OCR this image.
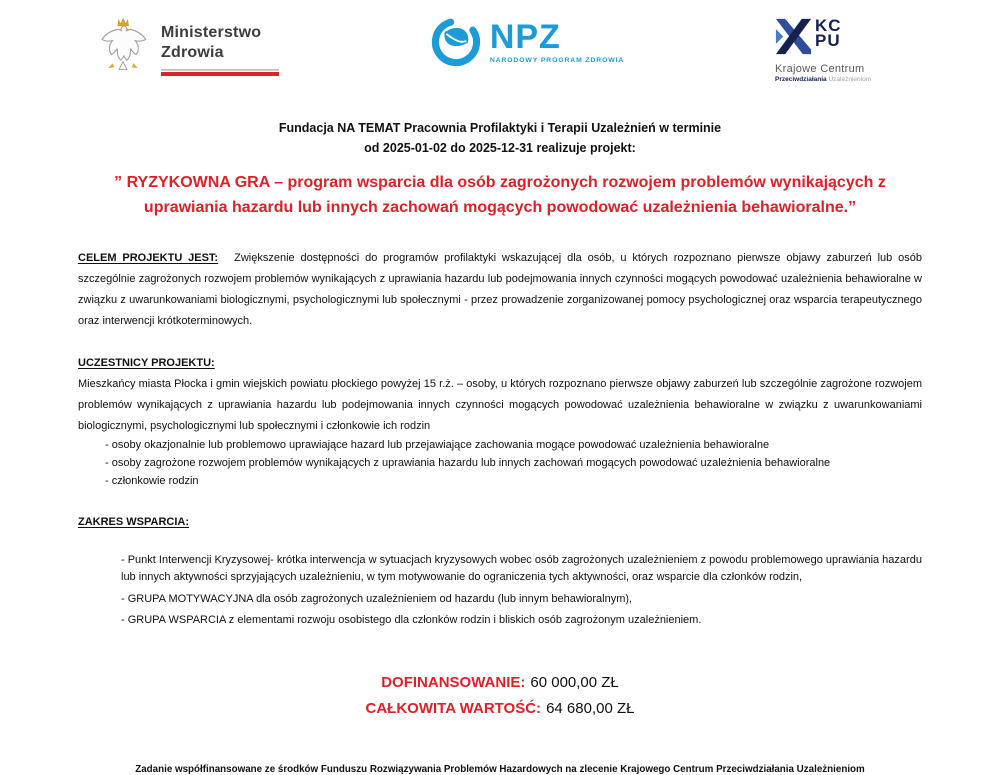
Ministerstwo
Zdrowia	NPZ
NARODOWY PROGRAM ZDROWIA
KC
PU
Krajowe Centrum
Przeciwdziałania Uzależnieniom
Fundacja NA TEMAT Pracownia Profilaktyki i Terapii Uzależnień w terminie
od 2025-01-02 do 2025-12-31 realizuje projekt:
” RYZYKOWNA GRA – program wsparcia dla osób zagrożonych rozwojem problemów wynikających z uprawiania hazardu lub innych zachowań mogących powodować uzależnienia behawioralne.”

CELEM PROJEKTU JEST: Zwiększenie dostępności do programów profilaktyki wskazującej dla osób, u których rozpoznano pierwsze objawy zaburzeń lub osób szczególnie zagrożonych rozwojem problemów wynikających z uprawiania hazardu lub podejmowania innych czynności mogących powodować uzależnienia behawioralne w związku z uwarunkowaniami biologicznymi, psychologicznymi lub społecznymi - przez prowadzenie zorganizowanej pomocy psychologicznej oraz wsparcia terapeutycznego oraz interwencji krótkoterminowych.

UCZESTNICY PROJEKTU:

Mieszkańcy miasta Płocka i gmin wiejskich powiatu płockiego powyżej 15 r.ż. – osoby, u których rozpoznano pierwsze objawy zaburzeń lub szczególnie zagrożone rozwojem problemów wynikających z uprawiania hazardu lub podejmowania innych czynności mogących powodować uzależnienia behawioralne w związku z uwarunkowaniami biologicznymi, psychologicznymi lub społecznymi i członkowie ich rodzin

- osoby okazjonalnie lub problemowo uprawiające hazard lub przejawiające zachowania mogące powodować uzależnienia behawioralne
- osoby zagrożone rozwojem problemów wynikających z uprawiania hazardu lub innych zachowań mogących powodować uzależnienia behawioralne
- członkowie rodzin
ZAKRES WSPARCIA:
- Punkt Interwencji Kryzysowej- krótka interwencja w sytuacjach kryzysowych wobec osób zagrożonych uzależnieniem z powodu problemowego uprawiania hazardu lub innych aktywności sprzyjających uzależnieniu, w tym motywowanie do ograniczenia tych aktywności, oraz wsparcie dla członków rodzin,
- GRUPA MOTYWACYJNA dla osób zagrożonych uzależnieniem od hazardu (lub innym behawioralnym),
- GRUPA WSPARCIA z elementami rozwoju osobistego dla członków rodzin i bliskich osób zagrożonym uzależnieniem.
DOFINANSOWANIE: 60 000,00 ZŁ
CAŁKOWITA WARTOŚĆ: 64 680,00 ZŁ
Zadanie współfinansowane ze środków Funduszu Rozwiązywania Problemów Hazardowych na zlecenie Krajowego Centrum Przeciwdziałania Uzależnieniom
